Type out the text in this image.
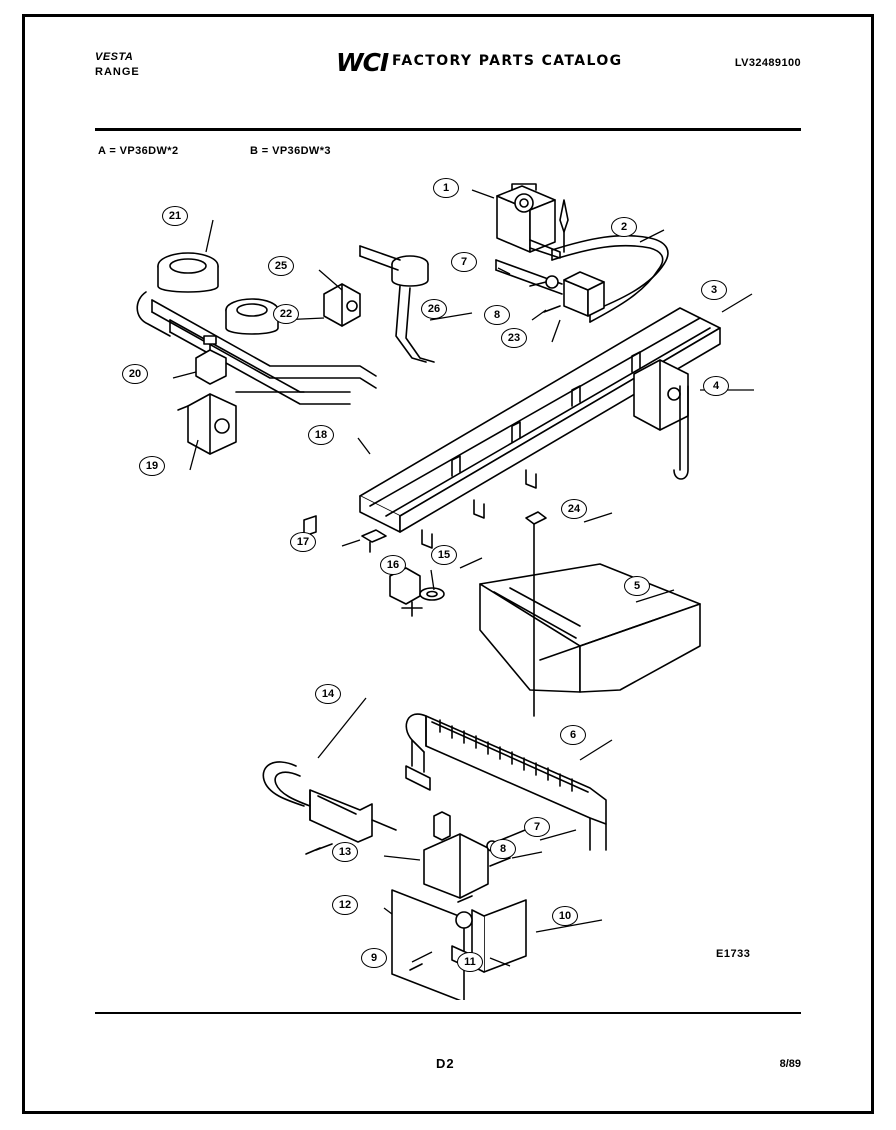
VESTA
RANGE	WCI FACTORY PARTS CATALOG	LV32489100
A = VP36DW*2	B = VP36DW*3
1
2
3
4
5
6
7
7
8
8
9
10
11
12
13
14
15
16
17
18
19
20
21
22
23
24
25
26
E1733
D2	8/89
